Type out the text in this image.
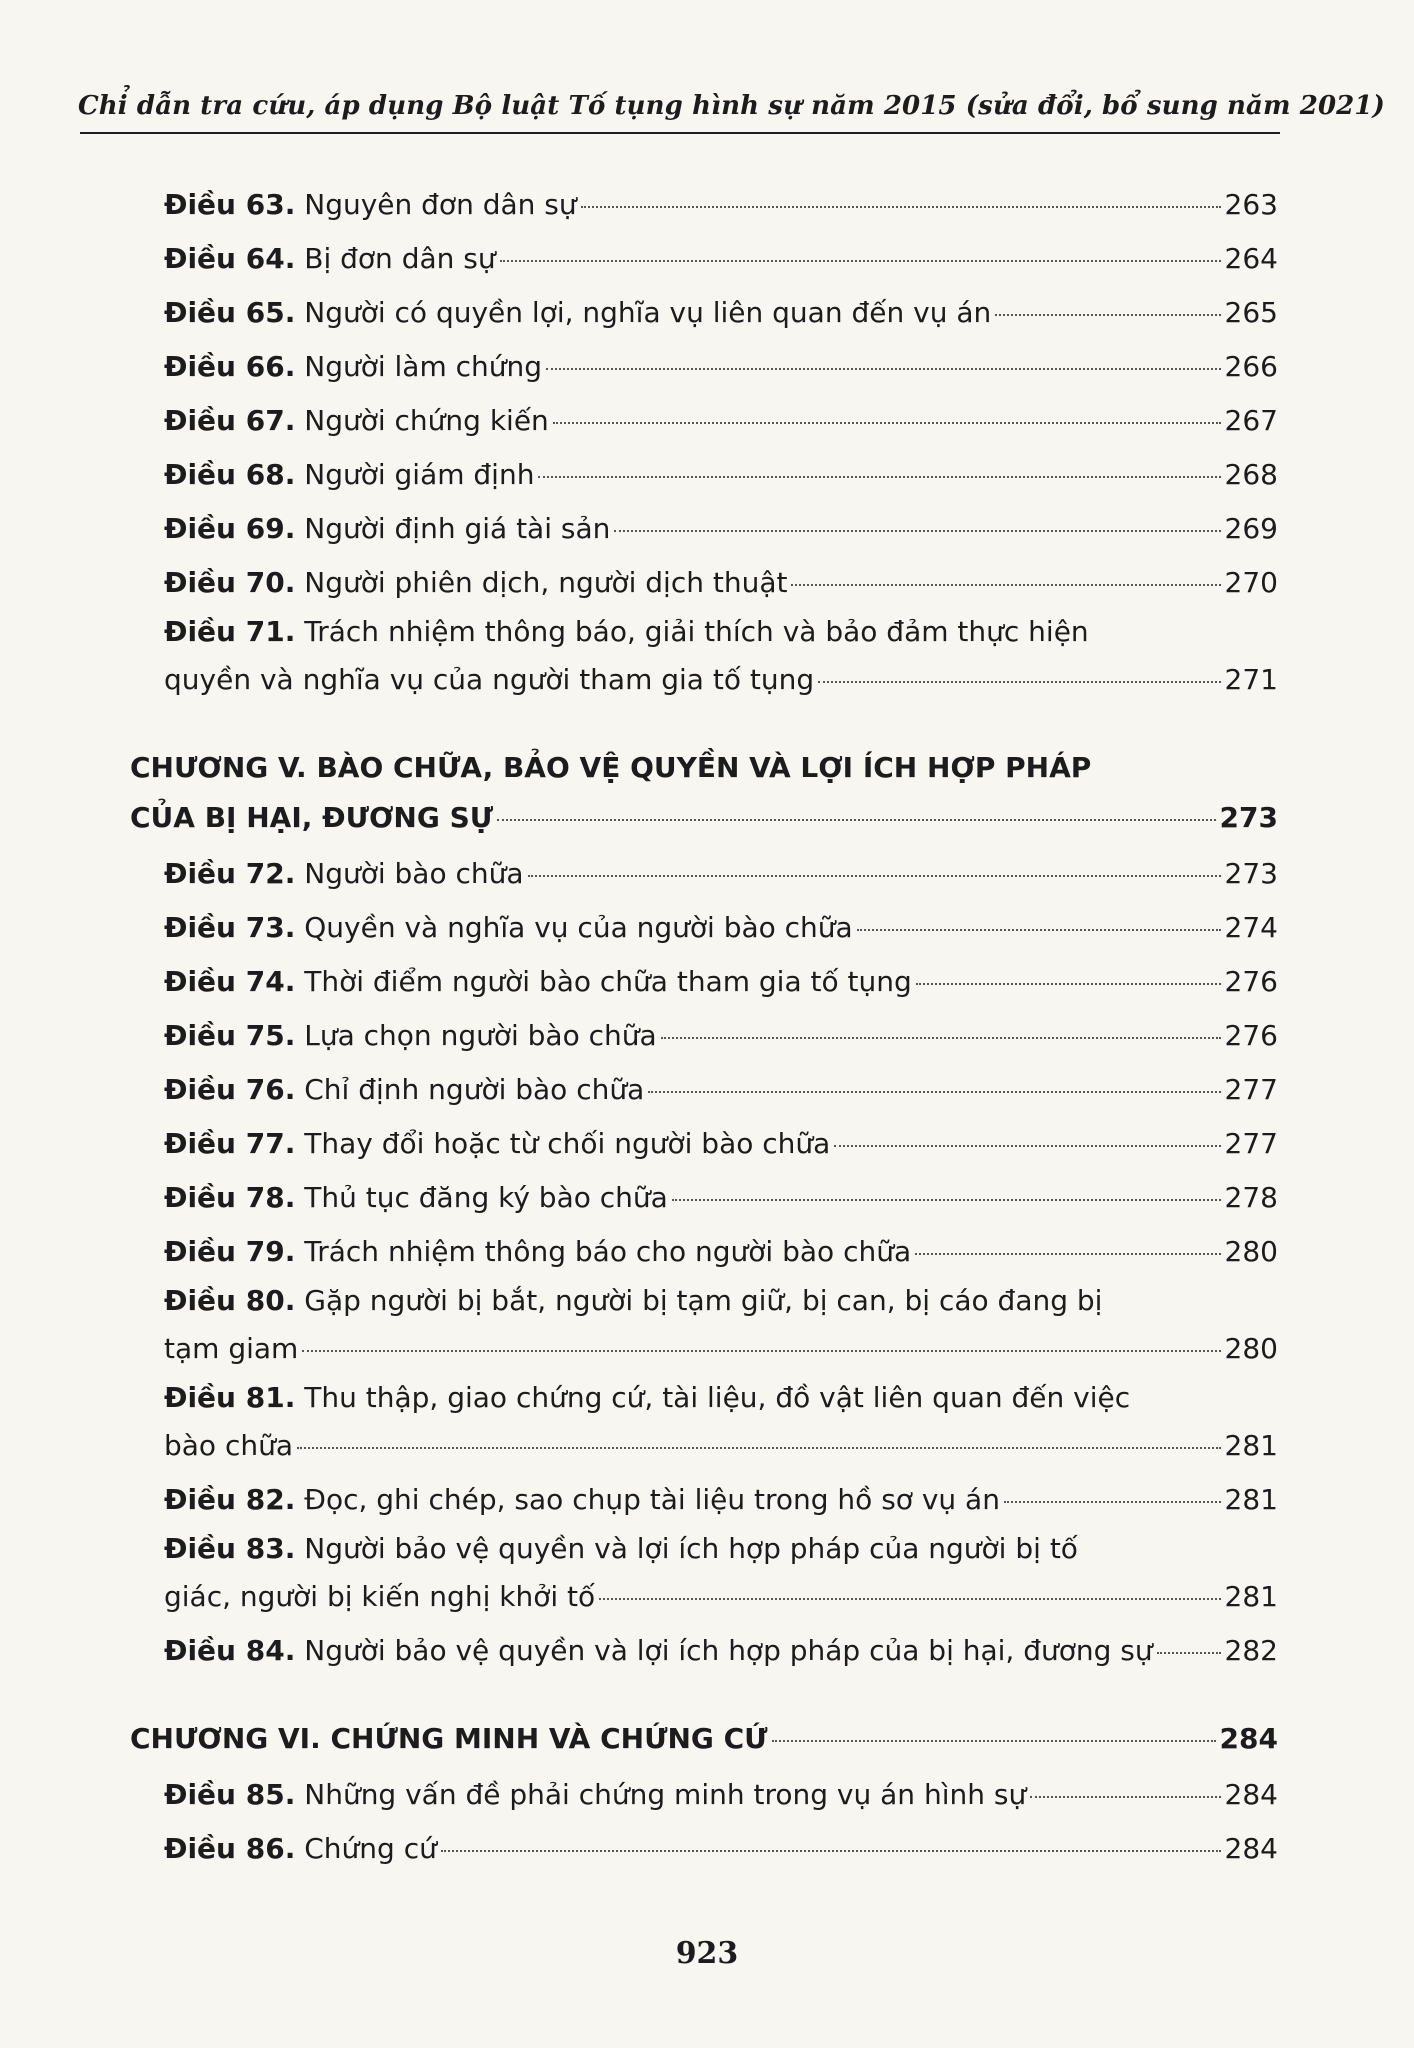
Chỉ dẫn tra cứu, áp dụng Bộ luật Tố tụng hình sự năm 2015 (sửa đổi, bổ sung năm 2021)
Điều 63. Nguyên đơn dân sự	263
Điều 64. Bị đơn dân sự	264
Điều 65. Người có quyền lợi, nghĩa vụ liên quan đến vụ án	265
Điều 66. Người làm chứng	266
Điều 67. Người chứng kiến	267
Điều 68. Người giám định	268
Điều 69. Người định giá tài sản	269
Điều 70. Người phiên dịch, người dịch thuật	270
Điều 71. Trách nhiệm thông báo, giải thích và bảo đảm thực hiện
quyền và nghĩa vụ của người tham gia tố tụng	271
CHƯƠNG V. BÀO CHỮA, BẢO VỆ QUYỀN VÀ LỢI ÍCH HỢP PHÁP
CỦA BỊ HẠI, ĐƯƠNG SỰ	273
Điều 72. Người bào chữa	273
Điều 73. Quyền và nghĩa vụ của người bào chữa	274
Điều 74. Thời điểm người bào chữa tham gia tố tụng	276
Điều 75. Lựa chọn người bào chữa	276
Điều 76. Chỉ định người bào chữa	277
Điều 77. Thay đổi hoặc từ chối người bào chữa	277
Điều 78. Thủ tục đăng ký bào chữa	278
Điều 79. Trách nhiệm thông báo cho người bào chữa	280
Điều 80. Gặp người bị bắt, người bị tạm giữ, bị can, bị cáo đang bị
tạm giam	280
Điều 81. Thu thập, giao chứng cứ, tài liệu, đồ vật liên quan đến việc
bào chữa	281
Điều 82. Đọc, ghi chép, sao chụp tài liệu trong hồ sơ vụ án	281
Điều 83. Người bảo vệ quyền và lợi ích hợp pháp của người bị tố
giác, người bị kiến nghị khởi tố	281
Điều 84. Người bảo vệ quyền và lợi ích hợp pháp của bị hại, đương sự	282
CHƯƠNG VI. CHỨNG MINH VÀ CHỨNG CỨ	284
Điều 85. Những vấn đề phải chứng minh trong vụ án hình sự	284
Điều 86. Chứng cứ	284
923
